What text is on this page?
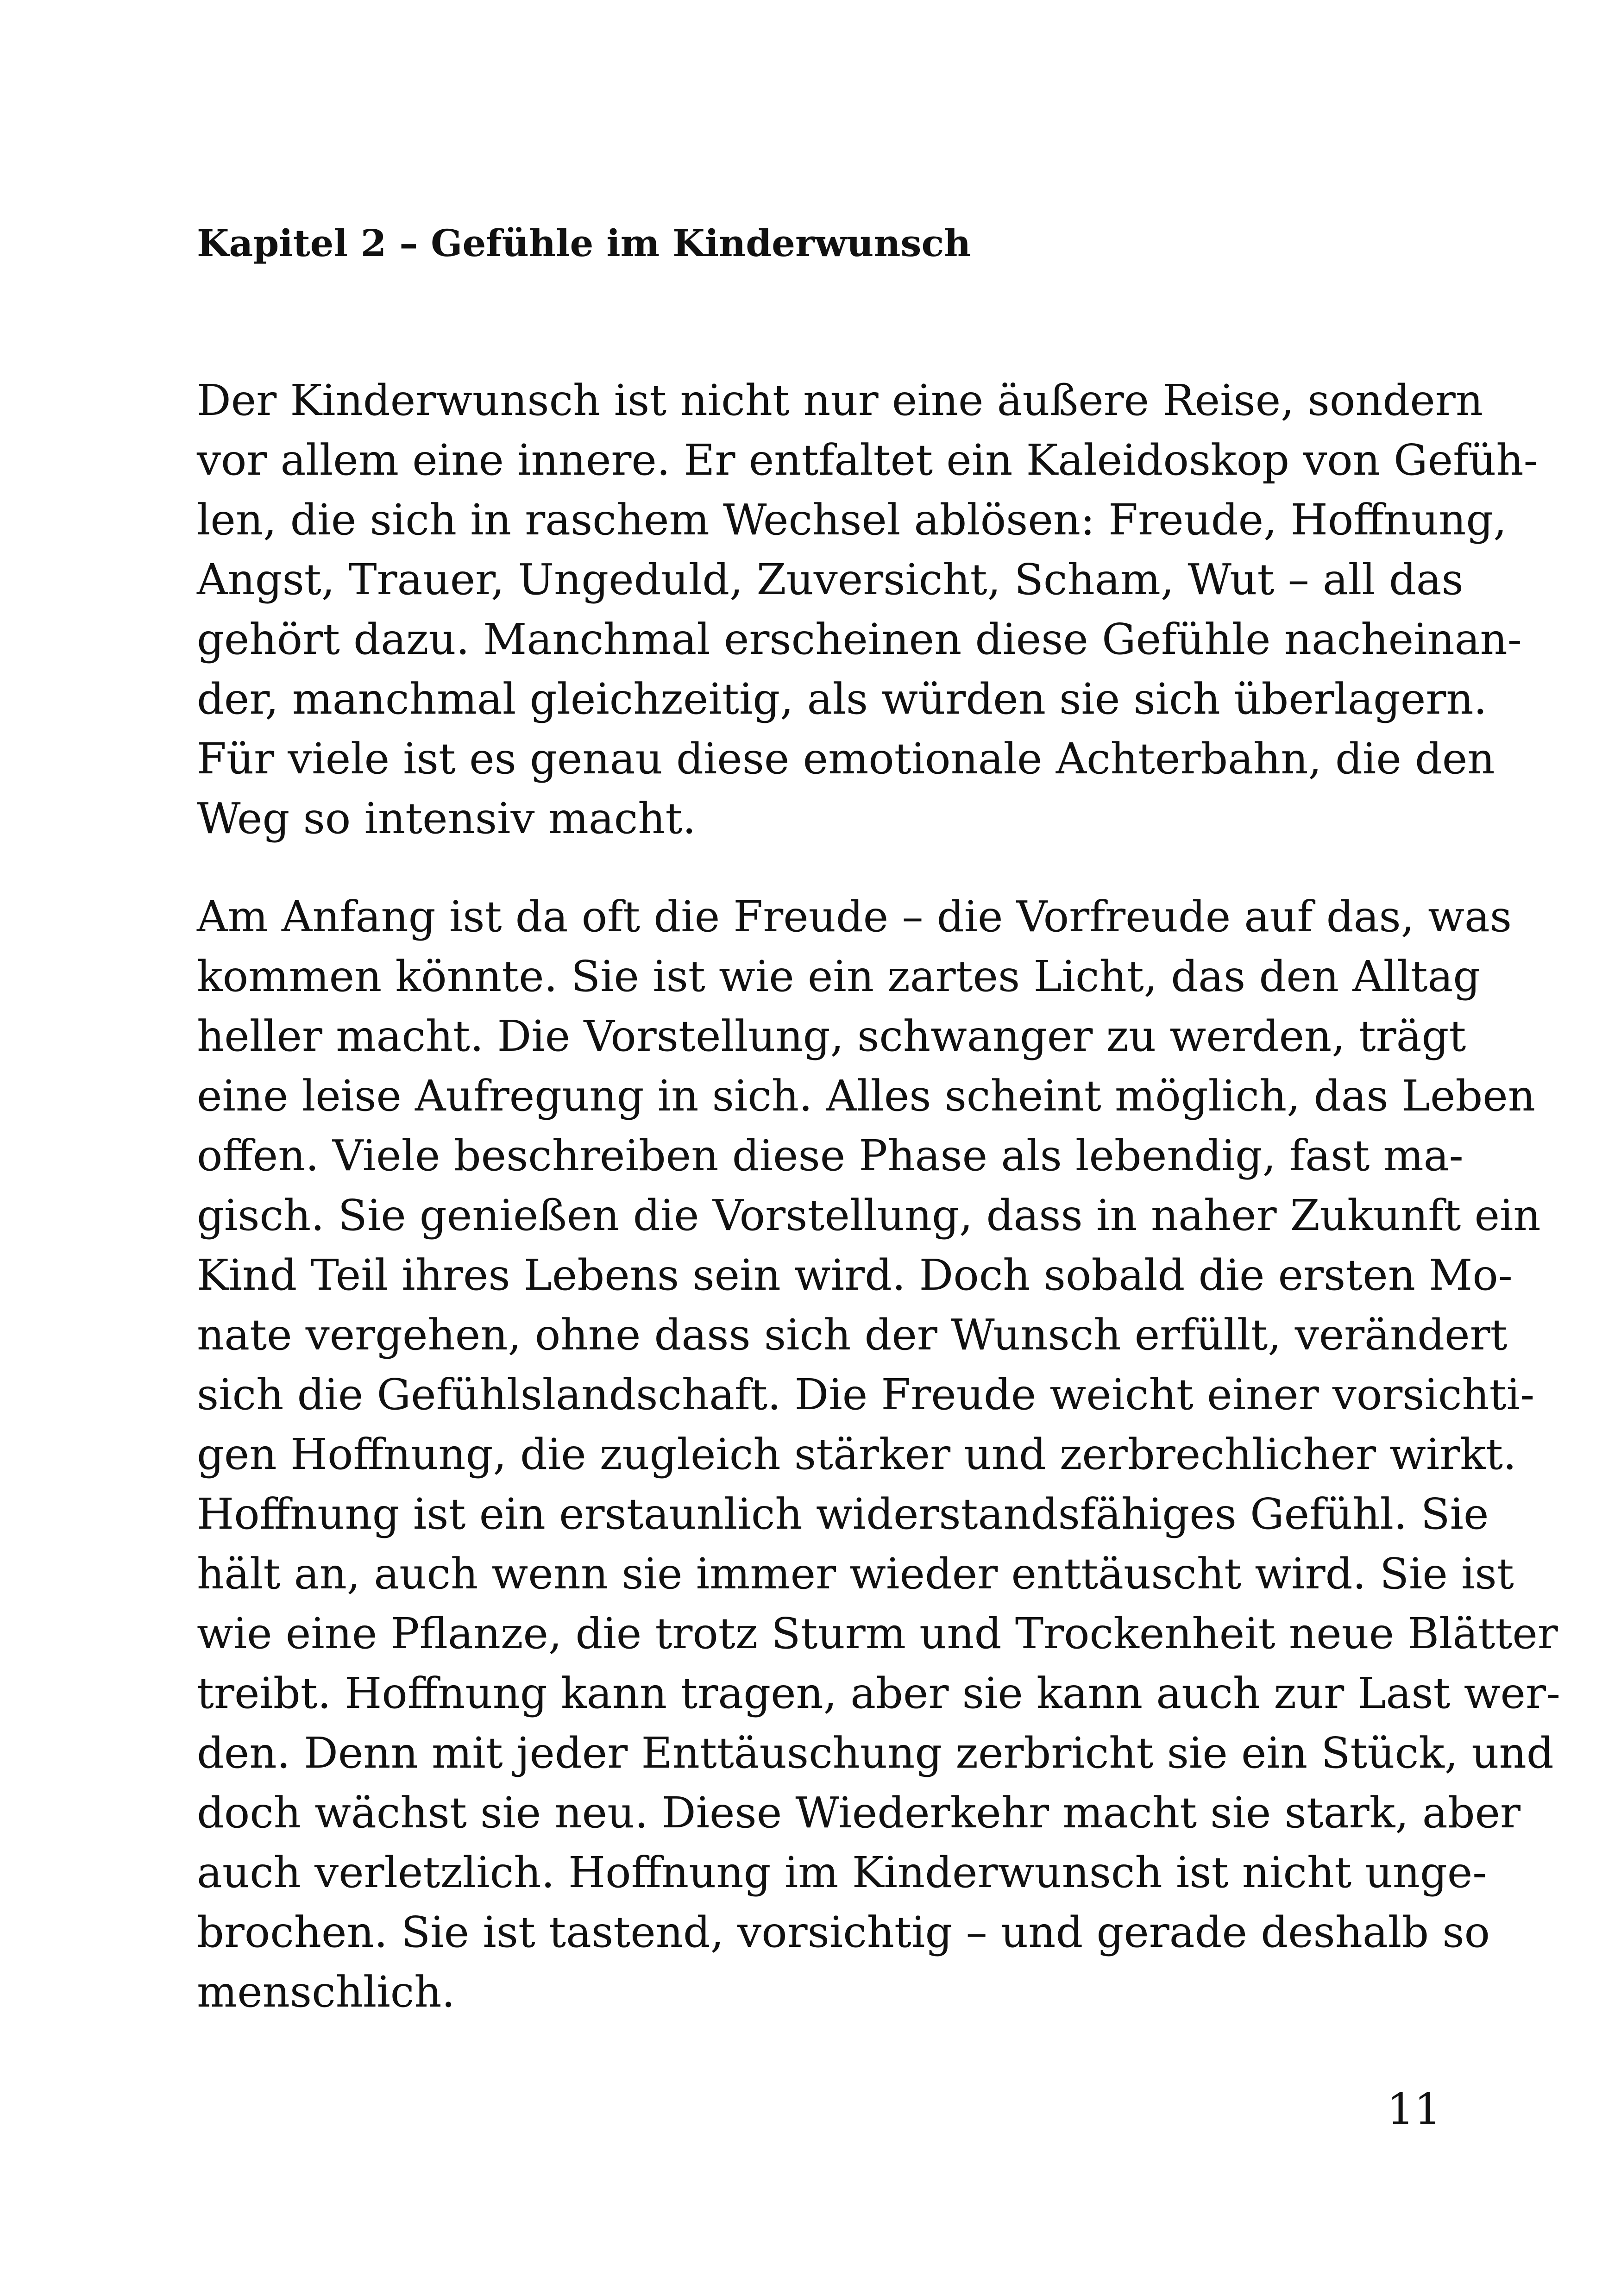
Kapitel 2 – Gefühle im Kinderwunsch
Der Kinderwunsch ist nicht nur eine äußere Reise, sondern
vor allem eine innere. Er entfaltet ein Kaleidoskop von Gefüh-
len, die sich in raschem Wechsel ablösen: Freude, Hoffnung,
Angst, Trauer, Ungeduld, Zuversicht, Scham, Wut – all das
gehört dazu. Manchmal erscheinen diese Gefühle nacheinan-
der, manchmal gleichzeitig, als würden sie sich überlagern.
Für viele ist es genau diese emotionale Achterbahn, die den
Weg so intensiv macht.
Am Anfang ist da oft die Freude – die Vorfreude auf das, was
kommen könnte. Sie ist wie ein zartes Licht, das den Alltag
heller macht. Die Vorstellung, schwanger zu werden, trägt
eine leise Aufregung in sich. Alles scheint möglich, das Leben
offen. Viele beschreiben diese Phase als lebendig, fast ma-
gisch. Sie genießen die Vorstellung, dass in naher Zukunft ein
Kind Teil ihres Lebens sein wird. Doch sobald die ersten Mo-
nate vergehen, ohne dass sich der Wunsch erfüllt, verändert
sich die Gefühlslandschaft. Die Freude weicht einer vorsichti-
gen Hoffnung, die zugleich stärker und zerbrechlicher wirkt.
Hoffnung ist ein erstaunlich widerstandsfähiges Gefühl. Sie
hält an, auch wenn sie immer wieder enttäuscht wird. Sie ist
wie eine Pflanze, die trotz Sturm und Trockenheit neue Blätter
treibt. Hoffnung kann tragen, aber sie kann auch zur Last wer-
den. Denn mit jeder Enttäuschung zerbricht sie ein Stück, und
doch wächst sie neu. Diese Wiederkehr macht sie stark, aber
auch verletzlich. Hoffnung im Kinderwunsch ist nicht unge-
brochen. Sie ist tastend, vorsichtig – und gerade deshalb so
menschlich.
11
